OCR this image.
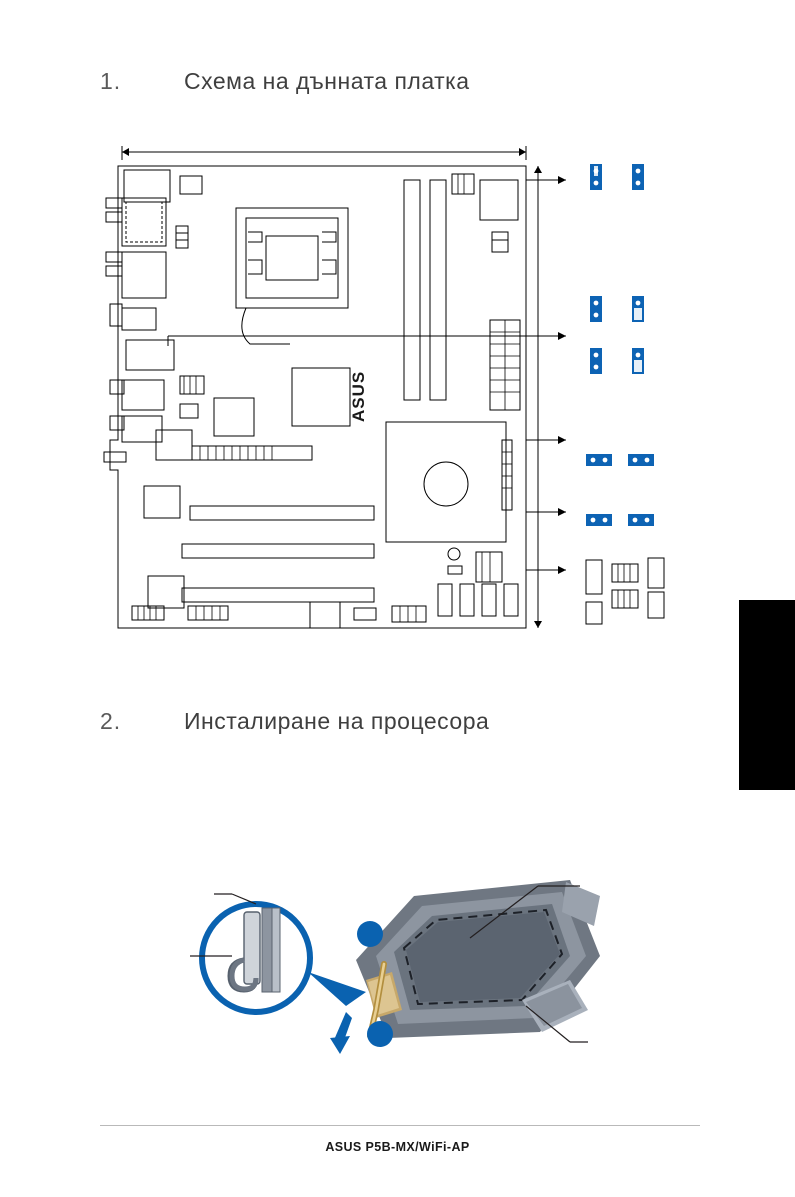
1.	Схема на дънната платка
ASUS
2.	Инсталиране на процесора
ASUS P5B-MX/WiFi-AP
